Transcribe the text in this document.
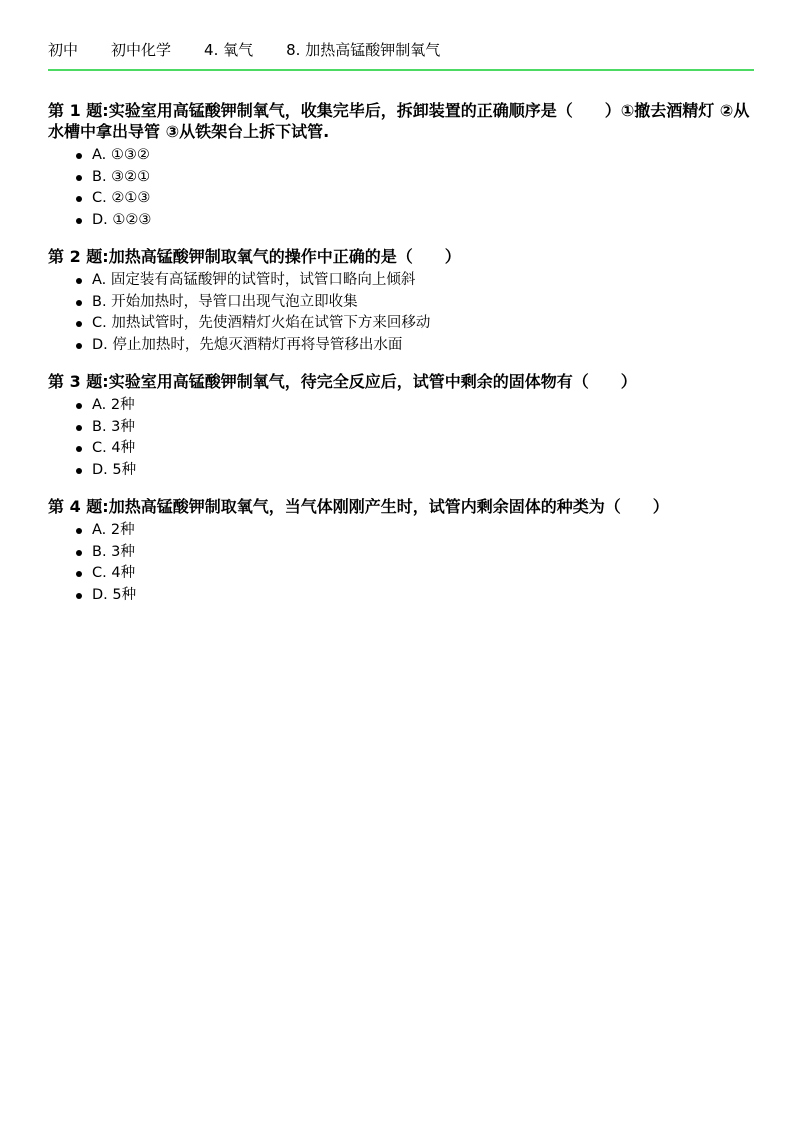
初中 初中化学 4. 氧气 8. 加热高锰酸钾制氧气
第 1 题:实验室用高锰酸钾制氧气，收集完毕后，拆卸装置的正确顺序是（　　）①撤去酒精灯 ②从水槽中拿出导管 ③从铁架台上拆下试管.
A. ①③②
B. ③②①
C. ②①③
D. ①②③
第 2 题:加热高锰酸钾制取氧气的操作中正确的是（　　）
A. 固定装有高锰酸钾的试管时，试管口略向上倾斜
B. 开始加热时，导管口出现气泡立即收集
C. 加热试管时，先使酒精灯火焰在试管下方来回移动
D. 停止加热时，先熄灭酒精灯再将导管移出水面
第 3 题:实验室用高锰酸钾制氧气，待完全反应后，试管中剩余的固体物有（　　）
A. 2种
B. 3种
C. 4种
D. 5种
第 4 题:加热高锰酸钾制取氧气，当气体刚刚产生时，试管内剩余固体的种类为（　　）
A. 2种
B. 3种
C. 4种
D. 5种
